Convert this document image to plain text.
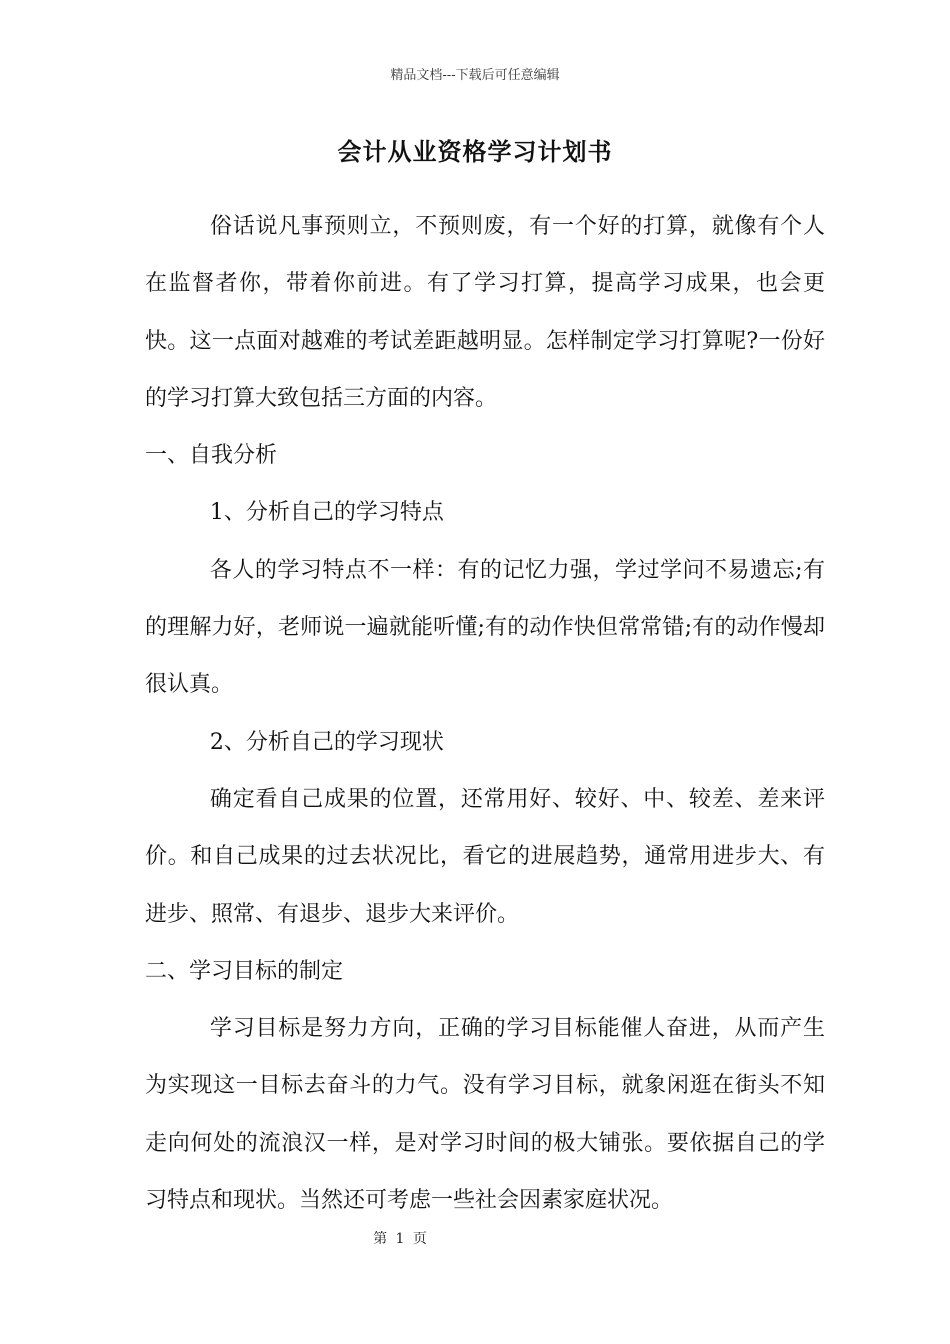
精品文档---下载后可任意编辑
会计从业资格学习计划书

俗话说凡事预则立，不预则废，有一个好的打算，就像有个人在监督者你，带着你前进。有了学习打算，提高学习成果，也会更快。这一点面对越难的考试差距越明显。怎样制定学习打算呢?一份好的学习打算大致包括三方面的内容。

一、自我分析

1、分析自己的学习特点

各人的学习特点不一样：有的记忆力强，学过学问不易遗忘;有的理解力好，老师说一遍就能听懂;有的动作快但常常错;有的动作慢却很认真。

2、分析自己的学习现状

确定看自己成果的位置，还常用好、较好、中、较差、差来评价。和自己成果的过去状况比，看它的进展趋势，通常用进步大、有进步、照常、有退步、退步大来评价。

二、学习目标的制定

学习目标是努力方向，正确的学习目标能催人奋进，从而产生为实现这一目标去奋斗的力气。没有学习目标，就象闲逛在街头不知走向何处的流浪汉一样，是对学习时间的极大铺张。要依据自己的学习特点和现状。当然还可考虑一些社会因素家庭状况。

第 1 页
